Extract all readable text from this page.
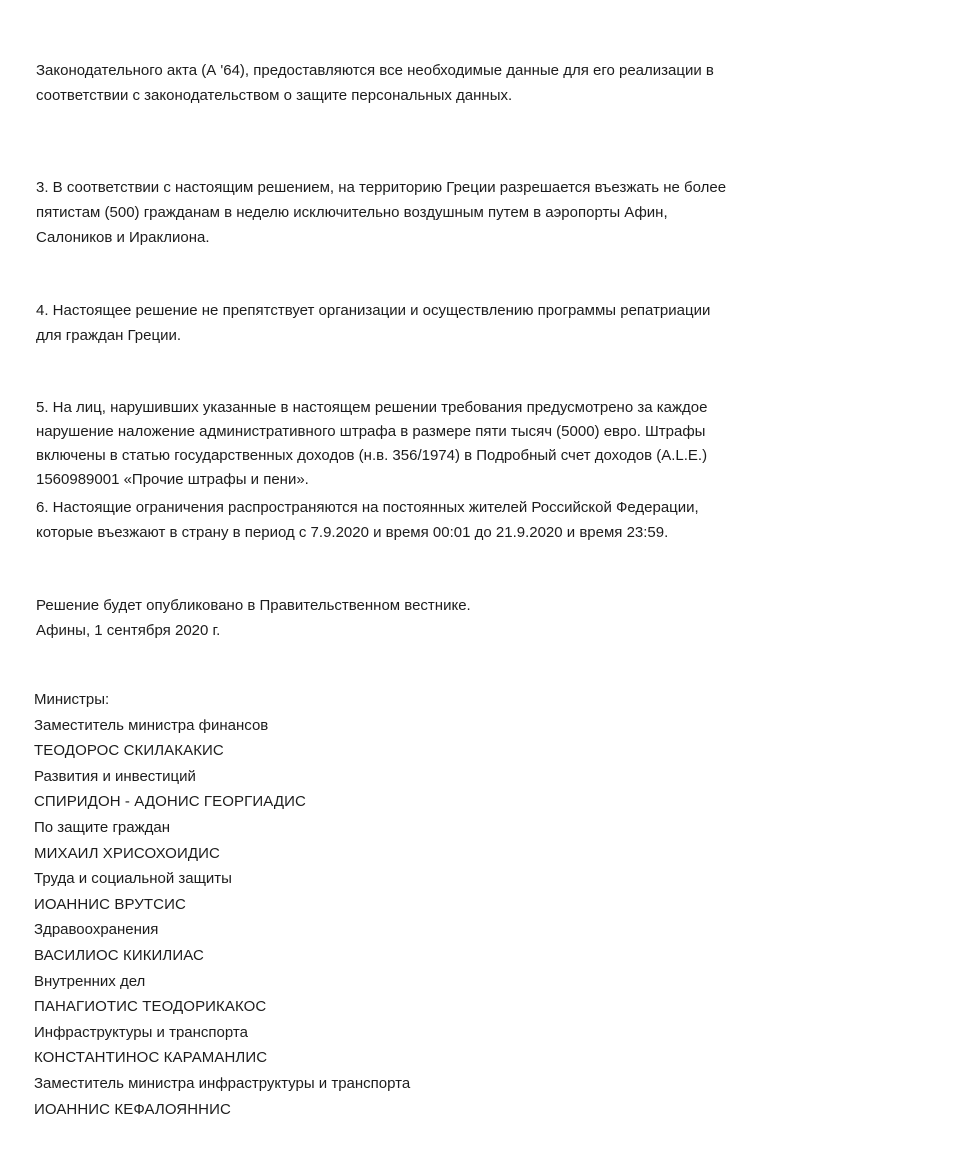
Законодательного акта (А '64), предоставляются все необходимые данные для его реализации в
соответствии с законодательством о защите персональных данных.

3. В соответствии с настоящим решением, на территорию Греции разрешается въезжать не более
пятистам (500) гражданам в неделю исключительно воздушным путем в аэропорты Афин,
Салоников и Ираклиона.

4. Настоящее решение не препятствует организации и осуществлению программы репатриации
для граждан Греции.

5. На лиц, нарушивших указанные в настоящем решении требования предусмотрено за каждое
нарушение наложение административного штрафа в размере пяти тысяч (5000) евро. Штрафы
включены в статью государственных доходов (н.в. 356/1974) в Подробный счет доходов (A.L.E.)
1560989001 «Прочие штрафы и пени».

6. Настоящие ограничения распространяются на постоянных жителей Российской Федерации,
которые въезжают в страну в период с 7.9.2020 и время 00:01 до 21.9.2020 и время 23:59.

Решение будет опубликовано в Правительственном вестнике.
Афины, 1 сентября 2020 г.

Министры:
Заместитель министра финансов
ТЕОДОРОС СКИЛАКАКИС
Развития и инвестиций
СПИРИДОН - АДОНИС ГЕОРГИАДИС
По защите граждан
МИХАИЛ ХРИСОХОИДИС
Труда и социальной защиты
ИОАННИС ВРУТСИС
Здравоохранения
ВАСИЛИОС КИКИЛИАС
Внутренних дел
ПАНАГИОТИС ТЕОДОРИКАКОС
Инфраструктуры и транспорта
КОНСТАНТИНОС КАРАМАНЛИС
Заместитель министра инфраструктуры и транспорта
ИОАННИС КЕФАЛОЯННИС
